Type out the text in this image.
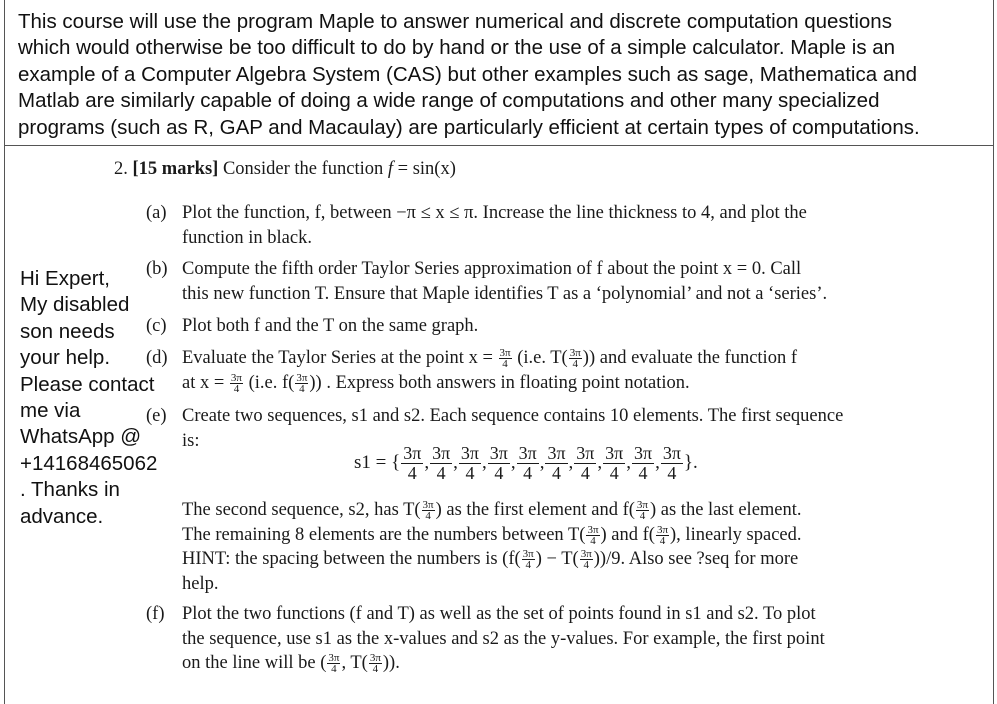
This course will use the program Maple to answer numerical and discrete computation questions
which would otherwise be too difficult to do by hand or the use of a simple calculator. Maple is an
example of a Computer Algebra System (CAS) but other examples such as sage, Mathematica and
Matlab are similarly capable of doing a wide range of computations and other many specialized
programs (such as R, GAP and Macaulay) are particularly efficient at certain types of computations.
2. [15 marks] Consider the function f = sin(x)
(a) Plot the function, f, between −π ≤ x ≤ π. Increase the line thickness to 4, and plot the
function in black.
(b) Compute the fifth order Taylor Series approximation of f about the point x = 0. Call
this new function T. Ensure that Maple identifies T as a ‘polynomial’ and not a ‘series’.
(c) Plot both f and the T on the same graph.
(d) Evaluate the Taylor Series at the point $x = \frac{3\pi}{4} (i.e$. $T( \frac{3\pi}{4}$ )) and evaluate the function f
at $x = \frac{3\pi}{4} (i.e$. $f( \frac{3\pi}{4}$ )) . Express both answers in floating point notation.
(e) Create two sequences, s1 and s2. Each sequence contains 10 elements. The first sequence
is:
s1 = { $\frac{3\pi}{4}$ , $\frac{3\pi}{4}$ , $\frac{3\pi}{4}$ , $\frac{3\pi}{4}$ , $\frac{3\pi}{4}$ , $\frac{3\pi}{4}$ , $\frac{3\pi}{4}$ , $\frac{3\pi}{4}$ , $\frac{3\pi}{4}$ , $\frac{3\pi}{4}$ }.
The second sequence, s2, has $T( \frac{3\pi}{4}$ ) as the first element and $f( \frac{3\pi}{4}$ ) as the last element.
The remaining 8 elements are the numbers between $T( \frac{3\pi}{4}$ ) and $f( \frac{3\pi}{4}$ ), linearly spaced.
HINT: the spacing between the numbers is ($f( \frac{3\pi}{4}$ ) − $T( \frac{3\pi}{4} ))/9$. Also see ?seq for more
help.
(f) Plot the two functions (f and T) as well as the set of points found in s1 and s2. To plot
the sequence, use s1 as the x-values and s2 as the y-values. For example, the first point
on the line will be ( $\frac{3\pi}{4}$ , $T( \frac{3\pi}{4}$ )).
Hi Expert,
My disabled
son needs
your help.
Please contact
me via
WhatsApp @
+14168465062
. Thanks in
advance.
